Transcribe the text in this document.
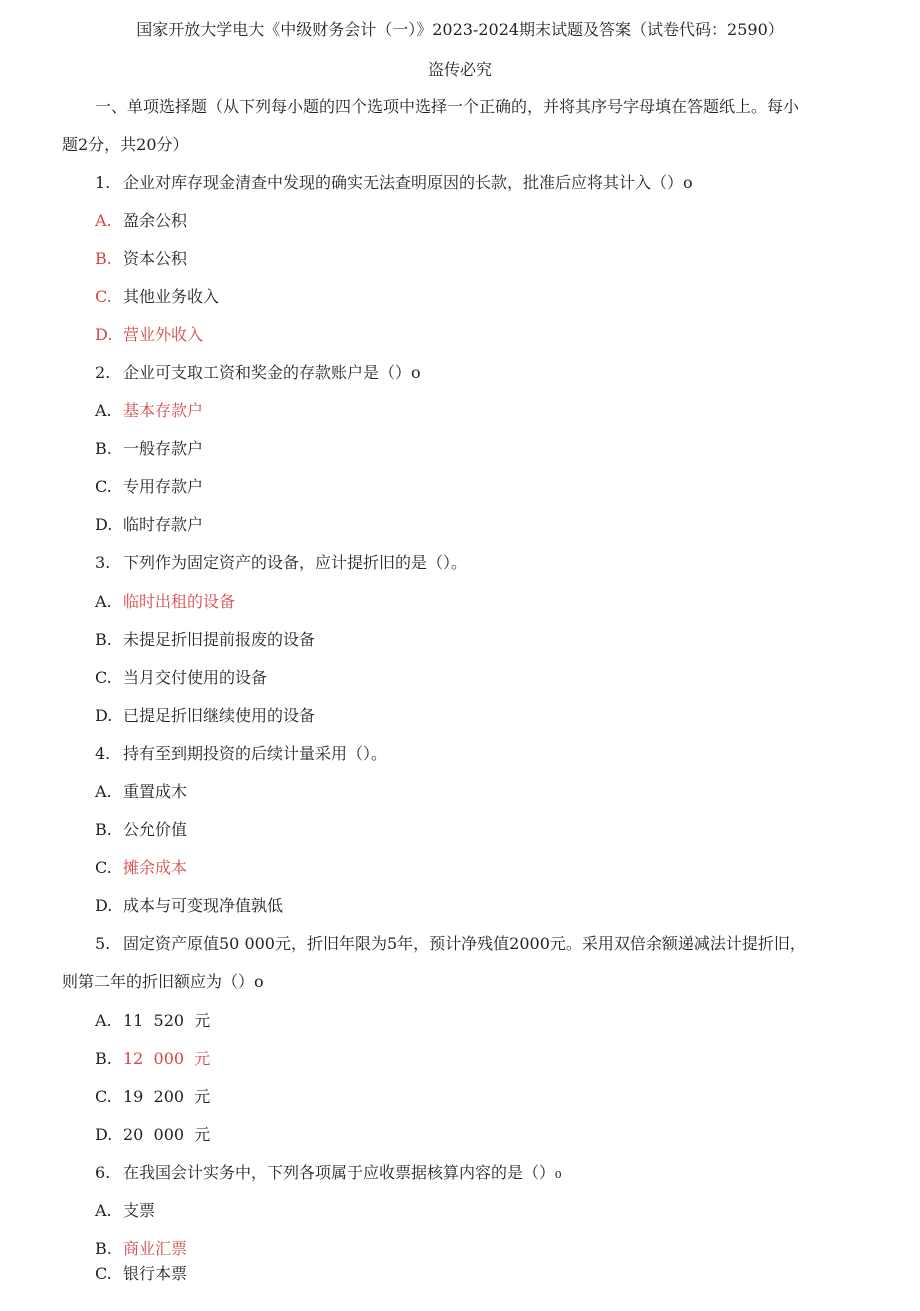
国家开放大学电大《中级财务会计（一）》2023-2024期末试题及答案（试卷代码：2590）
盗传必究
一、单项选择题（从下列每小题的四个选项中选择一个正确的，并将其序号字母填在答题纸上。每小
题2分，共20分）
1. 企业对库存现金清查中发现的确实无法查明原因的长款，批准后应将其计入（）o
A. 盈余公积
B. 资本公积
C. 其他业务收入
D. 营业外收入
2. 企业可支取工资和奖金的存款账户是（）o
A. 基本存款户
B. 一般存款户
C. 专用存款户
D. 临时存款户
3. 下列作为固定资产的设备，应计提折旧的是（）。
A. 临时出租的设备
B. 未提足折旧提前报废的设备
C. 当月交付使用的设备
D. 已提足折旧继续使用的设备
4. 持有至到期投资的后续计量采用（）。
A. 重置成木
B. 公允价值
C. 摊余成本
D. 成本与可变现净值孰低
5. 固定资产原值50 000元，折旧年限为5年，预计净残值2000元。采用双倍余额递减法计提折旧，
则第二年的折旧额应为（）o
A. 11  520  元
B. 12  000  元
C. 19  200  元
D. 20  000  元
6. 在我国会计实务中，下列各项属于应收票据核算内容的是（）₀
A. 支票
B. 商业汇票
C. 银行本票
